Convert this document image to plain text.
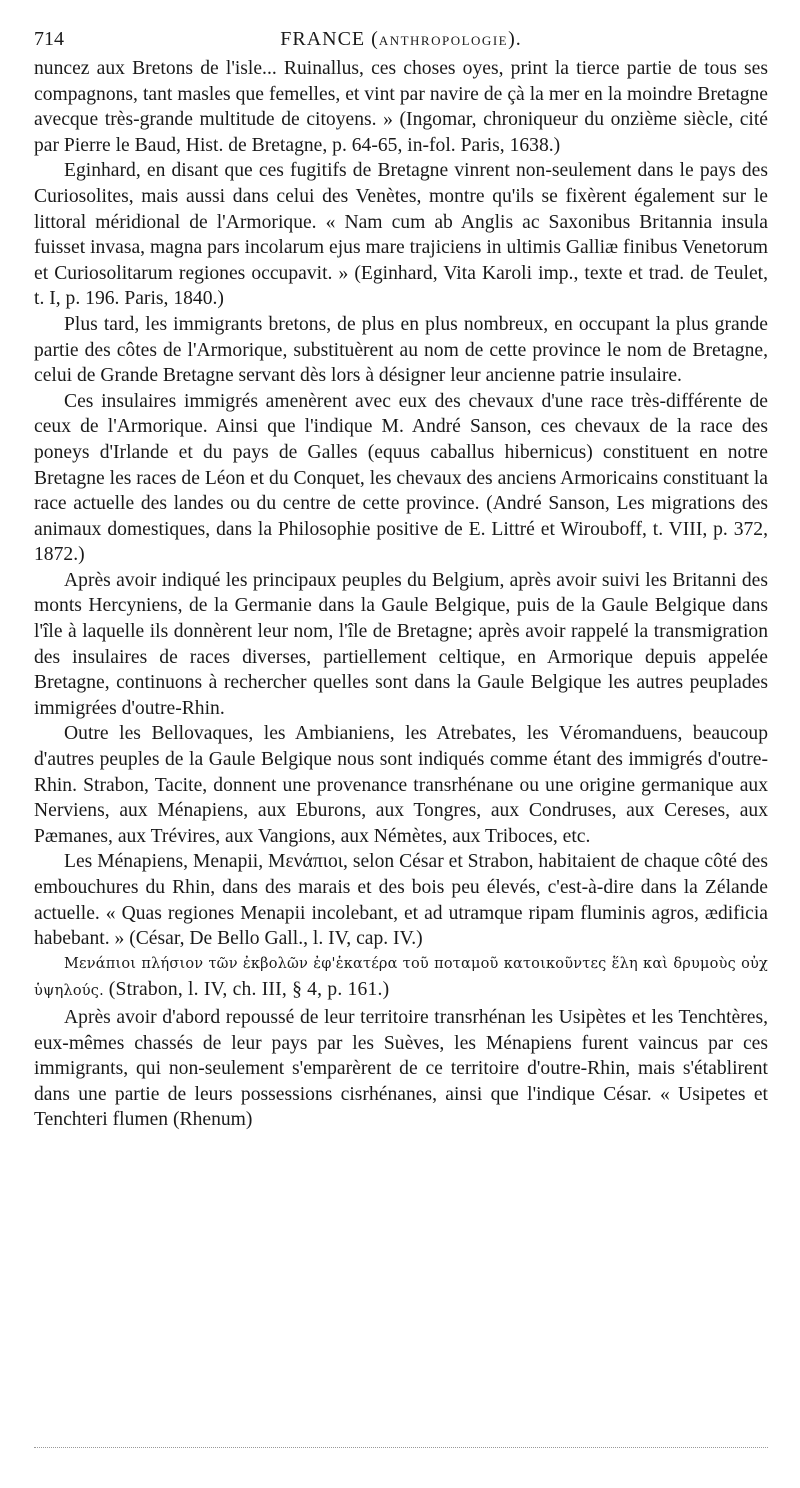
714	FRANCE (ANTHROPOLOGIE).

nuncez aux Bretons de l'isle... Ruinallus, ces choses oyes, print la tierce partie de tous ses compagnons, tant masles que femelles, et vint par navire de çà la mer en la moindre Bretagne avecque très-grande multitude de citoyens. » (Ingomar, chroniqueur du onzième siècle, cité par Pierre le Baud, Hist. de Bretagne, p. 64-65, in-fol. Paris, 1638.)

Eginhard, en disant que ces fugitifs de Bretagne vinrent non-seulement dans le pays des Curiosolites, mais aussi dans celui des Venètes, montre qu'ils se fixèrent également sur le littoral méridional de l'Armorique. « Nam cum ab Anglis ac Saxonibus Britannia insula fuisset invasa, magna pars incolarum ejus mare trajiciens in ultimis Galliæ finibus Venetorum et Curiosolitarum regiones occupavit. » (Eginhard, Vita Karoli imp., texte et trad. de Teulet, t. I, p. 196. Paris, 1840.)

Plus tard, les immigrants bretons, de plus en plus nombreux, en occupant la plus grande partie des côtes de l'Armorique, substituèrent au nom de cette province le nom de Bretagne, celui de Grande Bretagne servant dès lors à désigner leur ancienne patrie insulaire.

Ces insulaires immigrés amenèrent avec eux des chevaux d'une race très-différente de ceux de l'Armorique. Ainsi que l'indique M. André Sanson, ces chevaux de la race des poneys d'Irlande et du pays de Galles (equus caballus hibernicus) constituent en notre Bretagne les races de Léon et du Conquet, les chevaux des anciens Armoricains constituant la race actuelle des landes ou du centre de cette province. (André Sanson, Les migrations des animaux domestiques, dans la Philosophie positive de E. Littré et Wirouboff, t. VIII, p. 372, 1872.)

Après avoir indiqué les principaux peuples du Belgium, après avoir suivi les Britanni des monts Hercyniens, de la Germanie dans la Gaule Belgique, puis de la Gaule Belgique dans l'île à laquelle ils donnèrent leur nom, l'île de Bretagne; après avoir rappelé la transmigration des insulaires de races diverses, partiellement celtique, en Armorique depuis appelée Bretagne, continuons à rechercher quelles sont dans la Gaule Belgique les autres peuplades immigrées d'outre-Rhin.

Outre les Bellovaques, les Ambianiens, les Atrebates, les Véromanduens, beaucoup d'autres peuples de la Gaule Belgique nous sont indiqués comme étant des immigrés d'outre-Rhin. Strabon, Tacite, donnent une provenance transrhénane ou une origine germanique aux Nerviens, aux Ménapiens, aux Eburons, aux Tongres, aux Condruses, aux Cereses, aux Pæmanes, aux Trévires, aux Vangions, aux Némètes, aux Triboces, etc.

Les Ménapiens, Menapii, Μενάπιοι, selon César et Strabon, habitaient de chaque côté des embouchures du Rhin, dans des marais et des bois peu élevés, c'est-à-dire dans la Zélande actuelle. « Quas regiones Menapii incolebant, et ad utramque ripam fluminis agros, ædificia habebant. » (César, De Bello Gall., l. IV, cap. IV.)

Μενάπιοι πλήσιον τῶν ἐκβολῶν ἐφ'ἑκατέρα τοῦ ποταμοῦ κατοικοῦντες ἕλη καὶ δρυμοὺς οὐχ ὑψηλούς. (Strabon, l. IV, ch. III, § 4, p. 161.)

Après avoir d'abord repoussé de leur territoire transrhénan les Usipètes et les Tenchtères, eux-mêmes chassés de leur pays par les Suèves, les Ménapiens furent vaincus par ces immigrants, qui non-seulement s'emparèrent de ce territoire d'outre-Rhin, mais s'établirent dans une partie de leurs possessions cisrhénanes, ainsi que l'indique César. « Usipetes et Tenchteri flumen (Rhenum)
